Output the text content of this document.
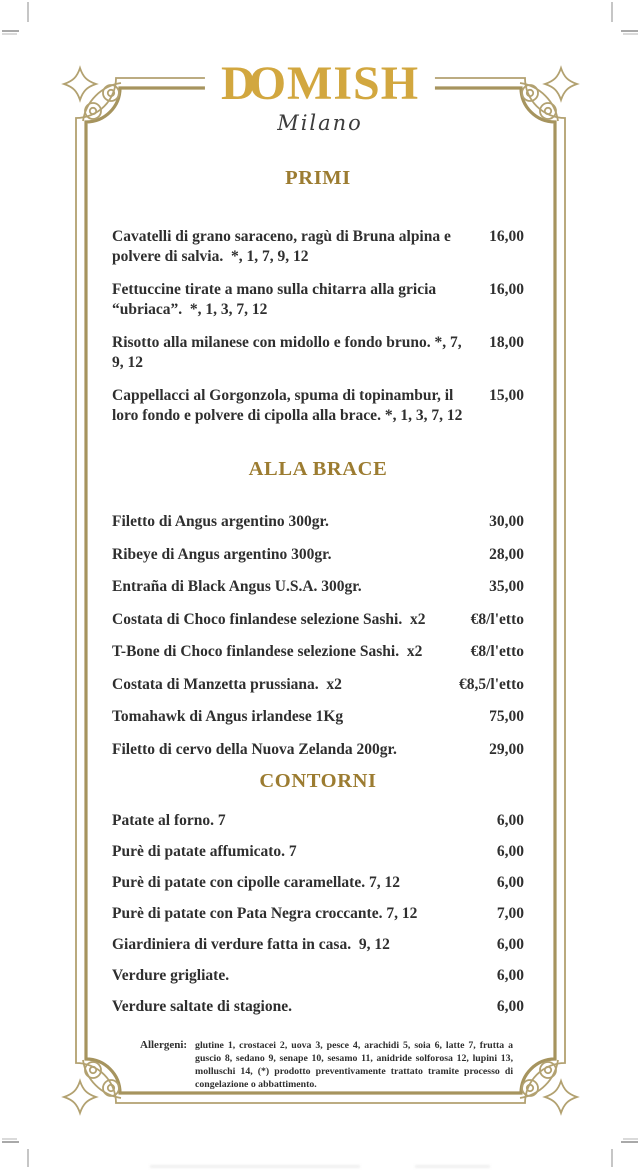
DOMISH
Milano
PRIMI
Cavatelli di grano saraceno, ragù di Bruna alpina e polvere di salvia. *, 1, 7, 9, 12
16,00
Fettuccine tirate a mano sulla chitarra alla gricia “ubriaca”. *, 1, 3, 7, 12
16,00
Risotto alla milanese con midollo e fondo bruno. *, 7, 9, 12
18,00
Cappellacci al Gorgonzola, spuma di topinambur, il loro fondo e polvere di cipolla alla brace. *, 1, 3, 7, 12
15,00
ALLA BRACE
Filetto di Angus argentino 300gr.	30,00
Ribeye di Angus argentino 300gr.	28,00
Entraña di Black Angus U.S.A. 300gr.	35,00
Costata di Choco finlandese selezione Sashi. x2	€8/l'etto
T-Bone di Choco finlandese selezione Sashi. x2	€8/l'etto
Costata di Manzetta prussiana. x2	€8,5/l'etto
Tomahawk di Angus irlandese 1Kg	75,00
Filetto di cervo della Nuova Zelanda 200gr.	29,00
CONTORNI
Patate al forno. 7	6,00
Purè di patate affumicato. 7	6,00
Purè di patate con cipolle caramellate. 7, 12	6,00
Purè di patate con Pata Negra croccante. 7, 12	7,00
Giardiniera di verdure fatta in casa. 9, 12	6,00
Verdure grigliate.	6,00
Verdure saltate di stagione.	6,00
Allergeni: glutine 1, crostacei 2, uova 3, pesce 4, arachidi 5, soia 6, latte 7, frutta a guscio 8, sedano 9, senape 10, sesamo 11, anidride solforosa 12, lupini 13, molluschi 14, (*) prodotto preventivamente trattato tramite processo di congelazione o abbattimento.
